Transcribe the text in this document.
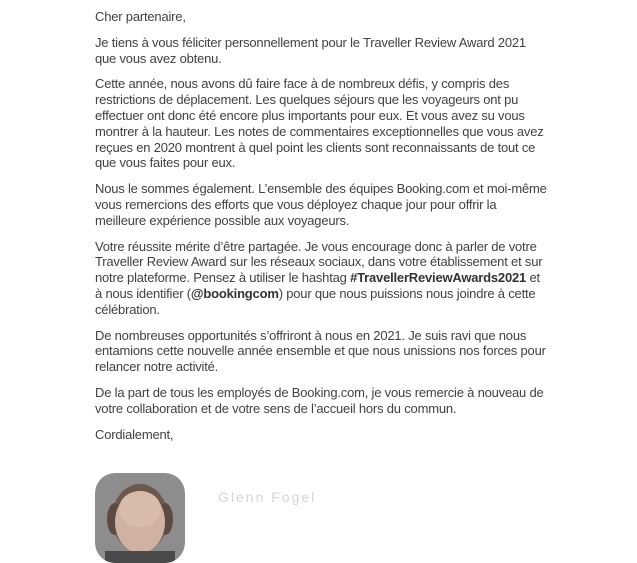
Cher partenaire,

Je tiens à vous féliciter personnellement pour le Traveller Review Award 2021 que vous avez obtenu.

Cette année, nous avons dû faire face à de nombreux défis, y compris des restrictions de déplacement. Les quelques séjours que les voyageurs ont pu effectuer ont donc été encore plus importants pour eux. Et vous avez su vous montrer à la hauteur. Les notes de commentaires exceptionnelles que vous avez reçues en 2020 montrent à quel point les clients sont reconnaissants de tout ce que vous faites pour eux.

Nous le sommes également. L’ensemble des équipes Booking.com et moi-même vous remercions des efforts que vous déployez chaque jour pour offrir la meilleure expérience possible aux voyageurs.

Votre réussite mérite d’être partagée. Je vous encourage donc à parler de votre Traveller Review Award sur les réseaux sociaux, dans votre établissement et sur notre plateforme. Pensez à utiliser le hashtag #TravellerReviewAwards2021 et à nous identifier (@bookingcom) pour que nous puissions nous joindre à cette célébration.

De nombreuses opportunités s’offriront à nous en 2021. Je suis ravi que nous entamions cette nouvelle année ensemble et que nous unissions nos forces pour relancer notre activité.

De la part de tous les employés de Booking.com, je vous remercie à nouveau de votre collaboration et de votre sens de l’accueil hors du commun.

Cordialement,

Glenn Fogel
